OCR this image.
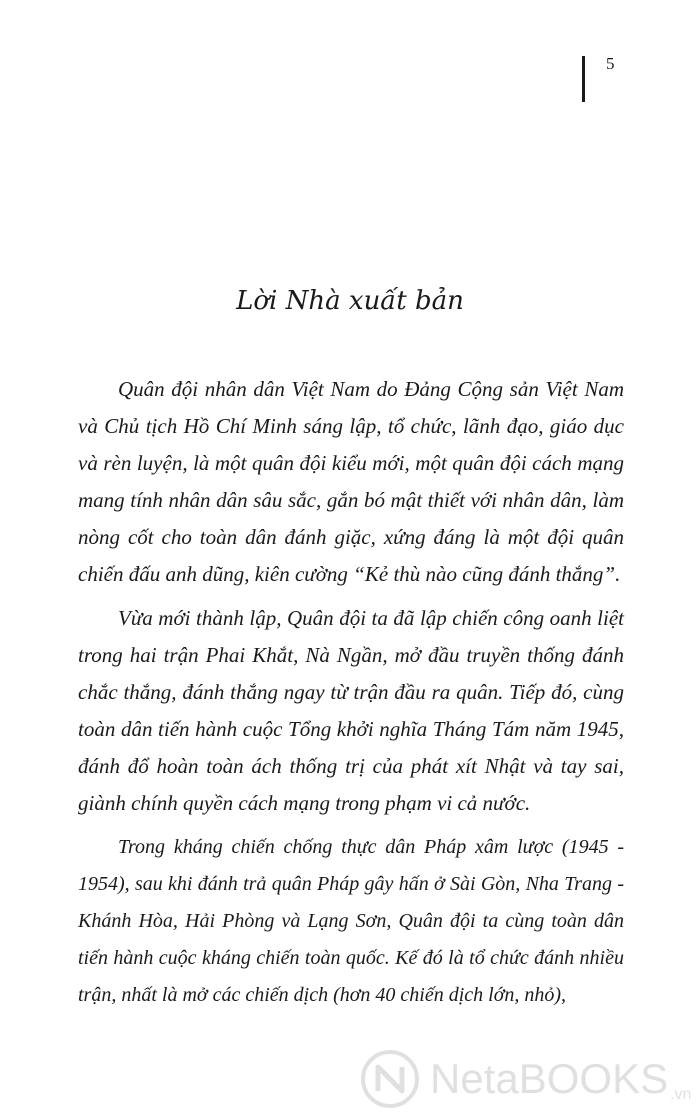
5
Lời Nhà xuất bản

Quân đội nhân dân Việt Nam do Đảng Cộng sản Việt Nam và Chủ tịch Hồ Chí Minh sáng lập, tổ chức, lãnh đạo, giáo dục và rèn luyện, là một quân đội kiểu mới, một quân đội cách mạng mang tính nhân dân sâu sắc, gắn bó mật thiết với nhân dân, làm nòng cốt cho toàn dân đánh giặc, xứng đáng là một đội quân chiến đấu anh dũng, kiên cường “Kẻ thù nào cũng đánh thắng”.

Vừa mới thành lập, Quân đội ta đã lập chiến công oanh liệt trong hai trận Phai Khắt, Nà Ngần, mở đầu truyền thống đánh chắc thắng, đánh thắng ngay từ trận đầu ra quân. Tiếp đó, cùng toàn dân tiến hành cuộc Tổng khởi nghĩa Tháng Tám năm 1945, đánh đổ hoàn toàn ách thống trị của phát xít Nhật và tay sai, giành chính quyền cách mạng trong phạm vi cả nước.

Trong kháng chiến chống thực dân Pháp xâm lược (1945 - 1954), sau khi đánh trả quân Pháp gây hấn ở Sài Gòn, Nha Trang - Khánh Hòa, Hải Phòng và Lạng Sơn, Quân đội ta cùng toàn dân tiến hành cuộc kháng chiến toàn quốc. Kế đó là tổ chức đánh nhiều trận, nhất là mở các chiến dịch (hơn 40 chiến dịch lớn, nhỏ),

NetaBOOKS .vn
